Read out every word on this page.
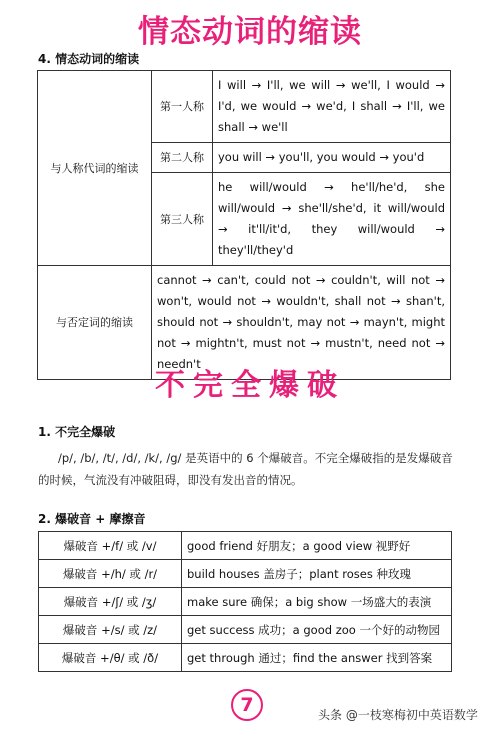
情态动词的缩读
4. 情态动词的缩读
与人称代词的缩读	第一人称	I will → I'll, we will → we'll, I would → I'd, we would → we'd, I shall → I'll, we shall → we'll
	第二人称	you will → you'll, you would → you'd
	第三人称	he will/would → he'll/he'd, she will/would → she'll/she'd, it will/would → it'll/it'd, they will/would → they'll/they'd
与否定词的缩读	cannot → can't, could not → couldn't, will not → won't, would not → wouldn't, shall not → shan't, should not → shouldn't, may not → mayn't, might not → mightn't, must not → mustn't, need not → needn't	
不完全爆破
1. 不完全爆破
/p/, /b/, /t/, /d/, /k/, /g/ 是英语中的 6 个爆破音。不完全爆破指的是发爆破音的时候，气流没有冲破阻碍，即没有发出音的情况。
2. 爆破音 + 摩擦音
爆破音 +/f/ 或 /v/	good friend 好朋友；a good view 视野好
爆破音 +/h/ 或 /r/	build houses 盖房子；plant roses 种玫瑰
爆破音 +/ʃ/ 或 /ʒ/	make sure 确保；a big show 一场盛大的表演
爆破音 +/s/ 或 /z/	get success 成功；a good zoo 一个好的动物园
爆破音 +/θ/ 或 /ð/	get through 通过；find the answer 找到答案
7	头条 @一枝寒梅初中英语数学
